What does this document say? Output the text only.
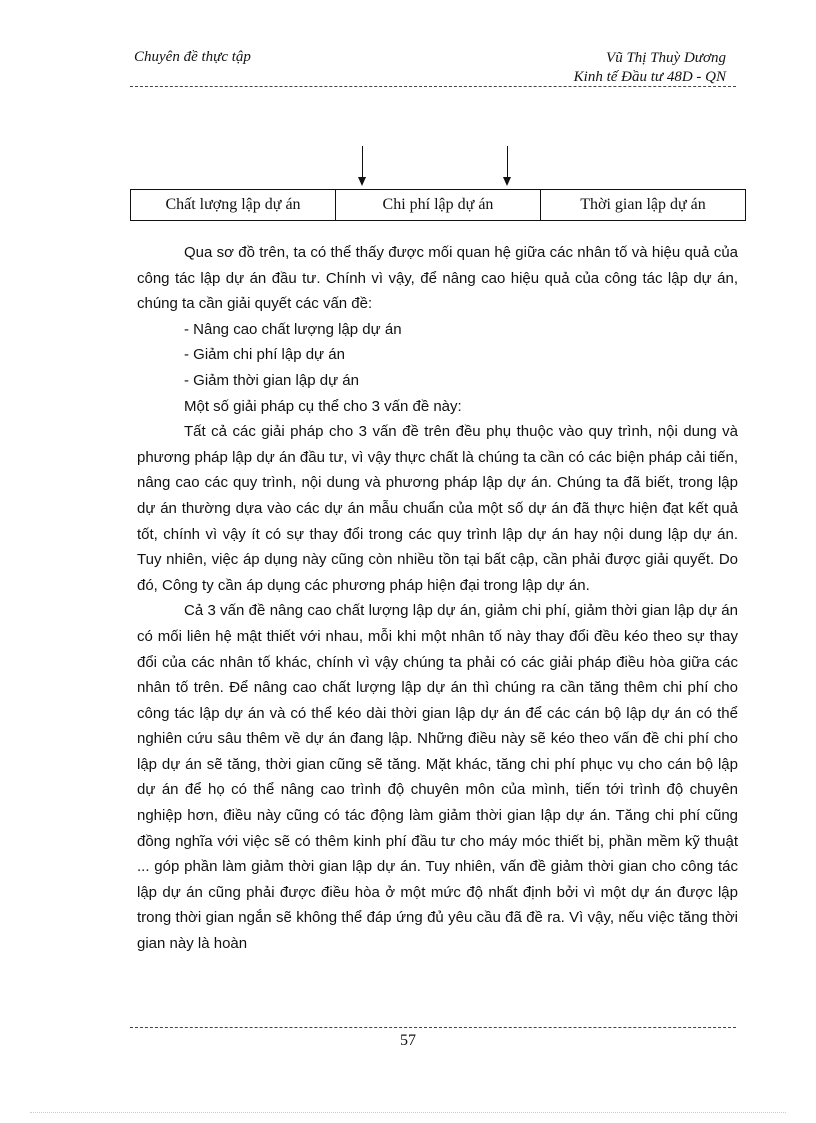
Chuyên đề thực tập	Vũ Thị Thuỳ Dương
Kinh tế Đầu tư 48D - QN
Chất lượng lập dự án	Chi phí lập dự án	Thời gian lập dự án

Qua sơ đồ trên, ta có thể thấy được mối quan hệ giữa các nhân tố và hiệu quả của công tác lập dự án đầu tư. Chính vì vậy, để nâng cao hiệu quả của công tác lập dự án, chúng ta cần giải quyết các vấn đề:

- Nâng cao chất lượng lập dự án

- Giảm chi phí lập dự án

- Giảm thời gian lập dự án

Một số giải pháp cụ thể cho 3 vấn đề này:

Tất cả các giải pháp cho 3 vấn đề trên đều phụ thuộc vào quy trình, nội dung và phương pháp lập dự án đầu tư, vì vậy thực chất là chúng ta cần có các biện pháp cải tiến, nâng cao các quy trình, nội dung và phương pháp lập dự án. Chúng ta đã biết, trong lập dự án thường dựa vào các dự án mẫu chuẩn của một số dự án đã thực hiện đạt kết quả tốt, chính vì vậy ít có sự thay đổi trong các quy trình lập dự án hay nội dung lập dự án. Tuy nhiên, việc áp dụng này cũng còn nhiều tồn tại bất cập, cần phải được giải quyết. Do đó, Công ty cần áp dụng các phương pháp hiện đại trong lập dự án.

Cả 3 vấn đề nâng cao chất lượng lập dự án, giảm chi phí, giảm thời gian lập dự án có mối liên hệ mật thiết với nhau, mỗi khi một nhân tố này thay đổi đều kéo theo sự thay đổi của các nhân tố khác, chính vì vậy chúng ta phải có các giải pháp điều hòa giữa các nhân tố trên. Để nâng cao chất lượng lập dự án thì chúng ra cần tăng thêm chi phí cho công tác lập dự án và có thể kéo dài thời gian lập dự án để các cán bộ lập dự án có thể nghiên cứu sâu thêm về dự án đang lập. Những điều này sẽ kéo theo vấn đề chi phí cho lập dự án sẽ tăng, thời gian cũng sẽ tăng. Mặt khác, tăng chi phí phục vụ cho cán bộ lập dự án để họ có thể nâng cao trình độ chuyên môn của mình, tiến tới trình độ chuyên nghiệp hơn, điều này cũng có tác động làm giảm thời gian lập dự án. Tăng chi phí cũng đồng nghĩa với việc sẽ có thêm kinh phí đầu tư cho máy móc thiết bị, phần mềm kỹ thuật ... góp phần làm giảm thời gian lập dự án. Tuy nhiên, vấn đề giảm thời gian cho công tác lập dự án cũng phải được điều hòa ở một mức độ nhất định bởi vì một dự án được lập trong thời gian ngắn sẽ không thể đáp ứng đủ yêu cầu đã đề ra. Vì vậy, nếu việc tăng thời gian này là hoàn

57
